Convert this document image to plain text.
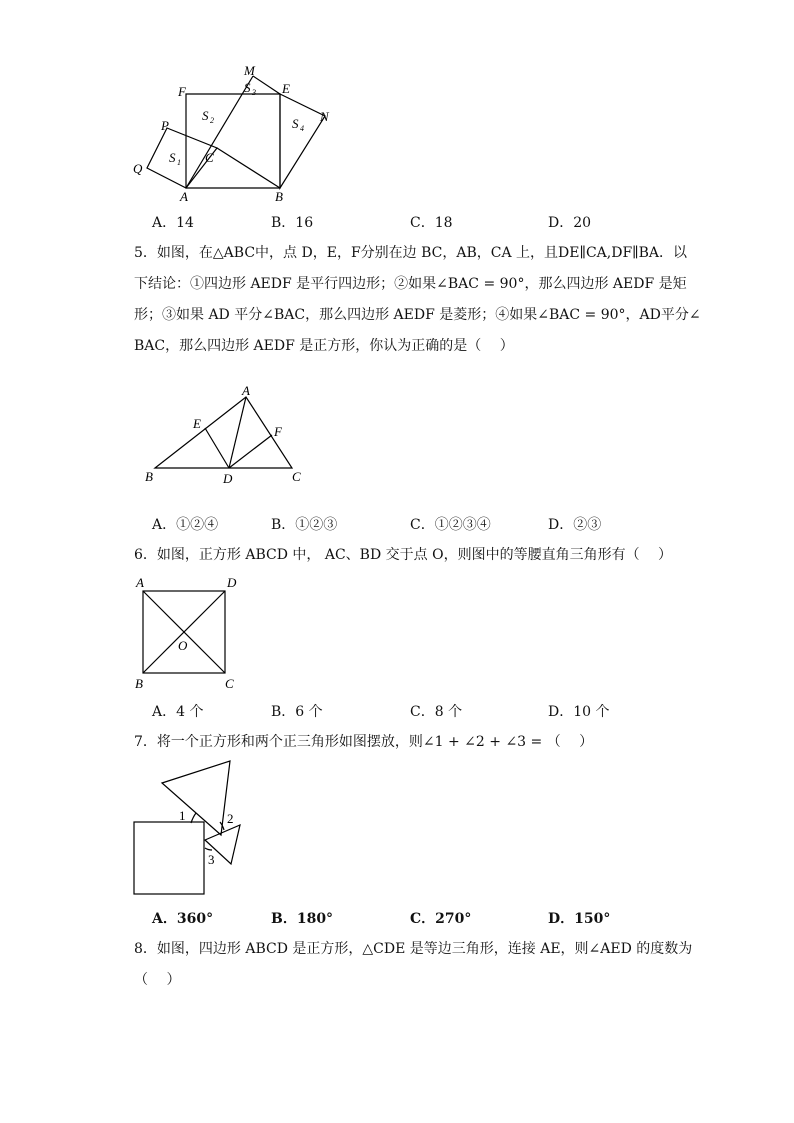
M
S 3 E
F
N
S 2	S 4
P
Q
S 1 C
A	B
A．14	B．16	C．18	D．20
5．如图，在△ABC中，点 D，E，F分别在边 BC，AB，CA 上，且DE∥CA,DF∥BA．以
下结论：①四边形 AEDF 是平行四边形；②如果∠BAC = 90°，那么四边形 AEDF 是矩
形；③如果 AD 平分∠BAC，那么四边形 AEDF 是菱形；④如果∠BAC = 90°，AD平分∠
BAC，那么四边形 AEDF 是正方形，你认为正确的是（　 ）
A
E
F
B	D	C
A．①②④	B．①②③	C．①②③④	D．②③
6．如图，正方形 ABCD 中， AC、BD 交于点 O，则图中的等腰直角三角形有（　 ）
A	D
O
B	C
A．4 个	B．6 个	C．8 个	D．10 个
7．将一个正方形和两个正三角形如图摆放，则∠1 + ∠2 + ∠3 = （　 ）
1	2
3
A．360°	B．180°	C．270°	D．150°
8．如图，四边形 ABCD 是正方形，△CDE 是等边三角形，连接 AE，则∠AED 的度数为
（　 ）
